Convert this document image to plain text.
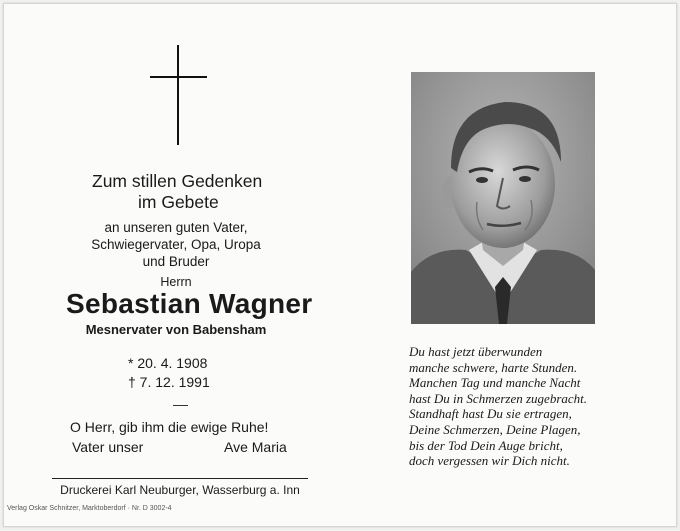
Zum stillen Gedenken
im Gebete
an unseren guten Vater,
Schwiegervater, Opa, Uropa
und Bruder
Herrn
Sebastian Wagner
Mesnervater von Babensham
* 20. 4. 1908
† 7. 12. 1991
O Herr, gib ihm die ewige Ruhe!
Vater unser	Ave Maria
Druckerei Karl Neuburger, Wasserburg a. Inn
Verlag Oskar Schnitzer, Marktoberdorf · Nr. D 3002-4
Du hast jetzt überwunden
manche schwere, harte Stunden.
Manchen Tag und manche Nacht
hast Du in Schmerzen zugebracht.
Standhaft hast Du sie ertragen,
Deine Schmerzen, Deine Plagen,
bis der Tod Dein Auge bricht,
doch vergessen wir Dich nicht.
